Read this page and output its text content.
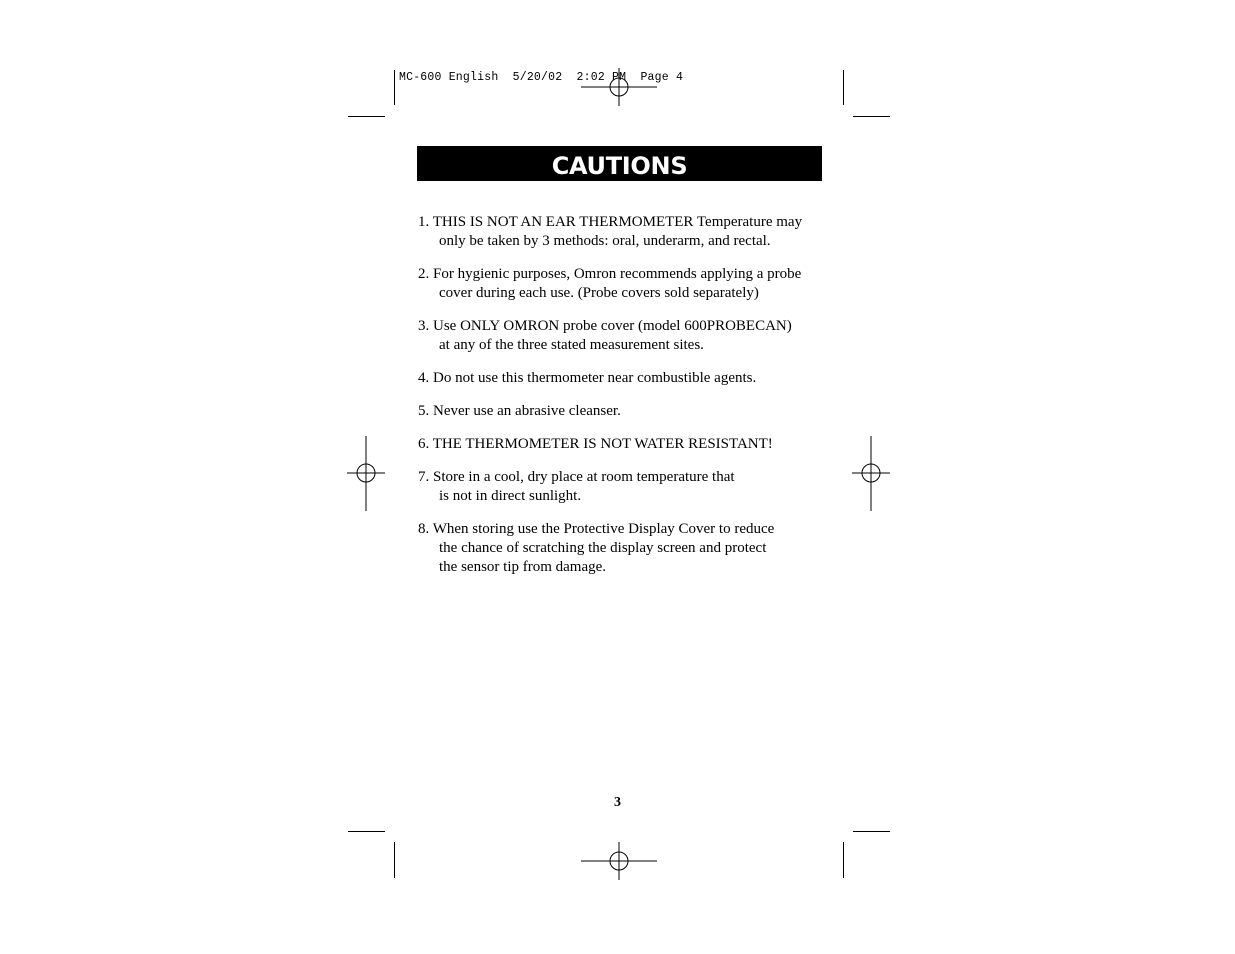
MC-600 English  5/20/02  2:02 PM  Page 4
CAUTIONS
1. THIS IS NOT AN EAR THERMOMETER Temperature may
only be taken by 3 methods: oral, underarm, and rectal.
2. For hygienic purposes, Omron recommends applying a probe
cover during each use. (Probe covers sold separately)
3. Use ONLY OMRON probe cover (model 600PROBECAN)
at any of the three stated measurement sites.
4. Do not use this thermometer near combustible agents.
5. Never use an abrasive cleanser.
6. THE THERMOMETER IS NOT WATER RESISTANT!
7. Store in a cool, dry place at room temperature that
is not in direct sunlight.
8. When storing use the Protective Display Cover to reduce
the chance of scratching the display screen and protect
the sensor tip from damage.
3
